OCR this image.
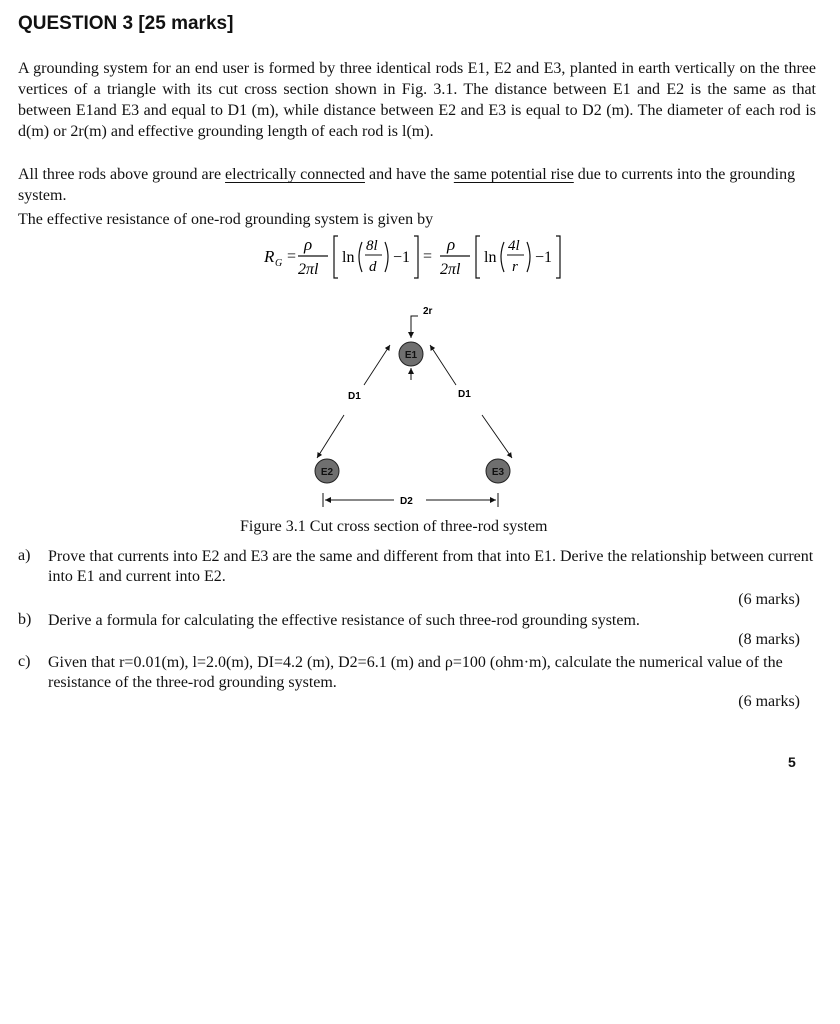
QUESTION 3 [25 marks]
A grounding system for an end user is formed by three identical rods E1, E2 and E3, planted in earth vertically on the three vertices of a triangle with its cut cross section shown in Fig. 3.1. The distance between E1 and E2 is the same as that between E1and E3 and equal to D1 (m), while distance between E2 and E3 is equal to D2 (m). The diameter of each rod is d(m) or 2r(m) and effective grounding length of each rod is l(m).
All three rods above ground are electrically connected and have the same potential rise due to currents into the grounding system.
The effective resistance of one-rod grounding system is given by
R G =
ρ
2πl
ln
8l
d
−1 =
ρ
2πl
ln
4l
r
−1
2r
D1	D1
E1
E2	E3
D2
Figure 3.1 Cut cross section of three-rod system
a) Prove that currents into E2 and E3 are the same and different from that into E1. Derive the relationship between current into E1 and current into E2.
(6 marks)
b) Derive a formula for calculating the effective resistance of such three-rod grounding system.
(8 marks)
c) Given that r=0.01(m), l=2.0(m), DI=4.2 (m), D2=6.1 (m) and ρ=100 (ohm·m), calculate the numerical value of the resistance of the three-rod grounding system.
(6 marks)
5
